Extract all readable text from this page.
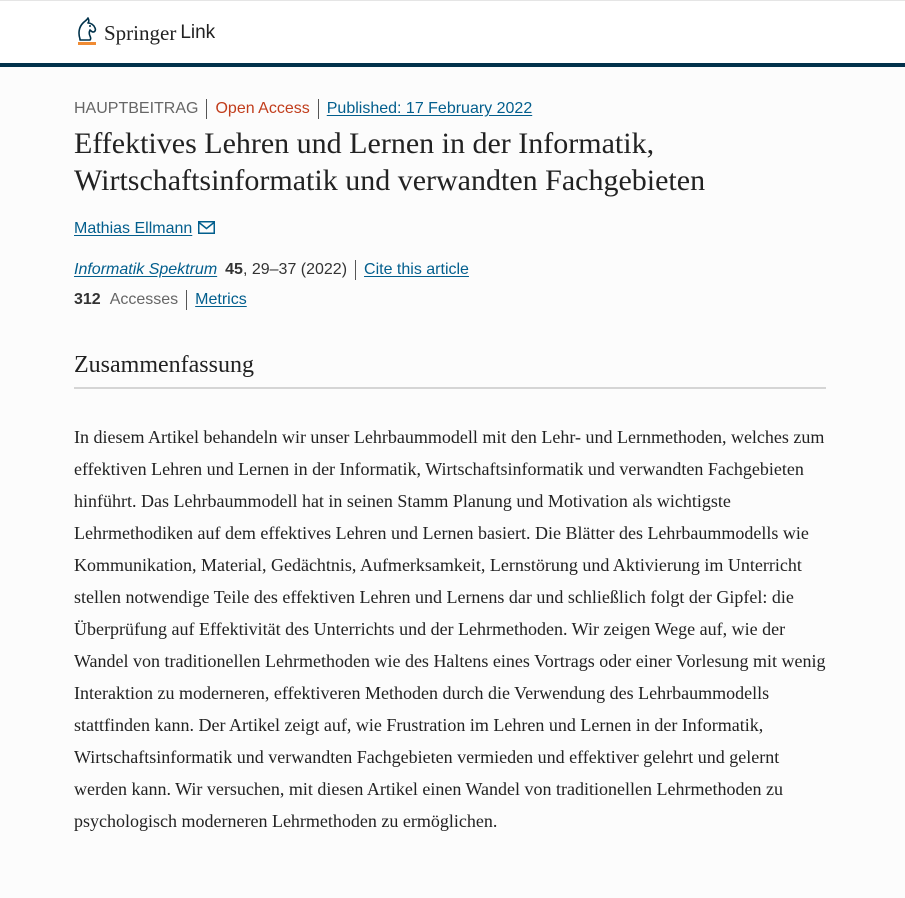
Springer Link
HAUPTBEITRAG Open Access Published: 17 February 2022
Effektives Lehren und Lernen in der Informatik, Wirtschaftsinformatik und verwandten Fachgebieten
Mathias Ellmann
Informatik Spektrum 45 , 29–37 (2022) Cite this article
312 Accesses Metrics
Zusammenfassung

In diesem Artikel behandeln wir unser Lehrbaummodell mit den Lehr- und Lernmethoden, welches zum effektiven Lehren und Lernen in der Informatik, Wirtschaftsinformatik und verwandten Fachgebieten hinführt. Das Lehrbaummodell hat in seinen Stamm Planung und Motivation als wichtigste Lehrmethodiken auf dem effektives Lehren und Lernen basiert. Die Blätter des Lehrbaummodells wie Kommunikation, Material, Gedächtnis, Aufmerksamkeit, Lernstörung und Aktivierung im Unterricht stellen notwendige Teile des effektiven Lehren und Lernens dar und schließlich folgt der Gipfel: die Überprüfung auf Effektivität des Unterrichts und der Lehrmethoden. Wir zeigen Wege auf, wie der Wandel von traditionellen Lehrmethoden wie des Haltens eines Vortrags oder einer Vorlesung mit wenig Interaktion zu moderneren, effektiveren Methoden durch die Verwendung des Lehrbaummodells stattfinden kann. Der Artikel zeigt auf, wie Frustration im Lehren und Lernen in der Informatik, Wirtschaftsinformatik und verwandten Fachgebieten vermieden und effektiver gelehrt und gelernt werden kann. Wir versuchen, mit diesen Artikel einen Wandel von traditionellen Lehrmethoden zu psychologisch moderneren Lehrmethoden zu ermöglichen.
